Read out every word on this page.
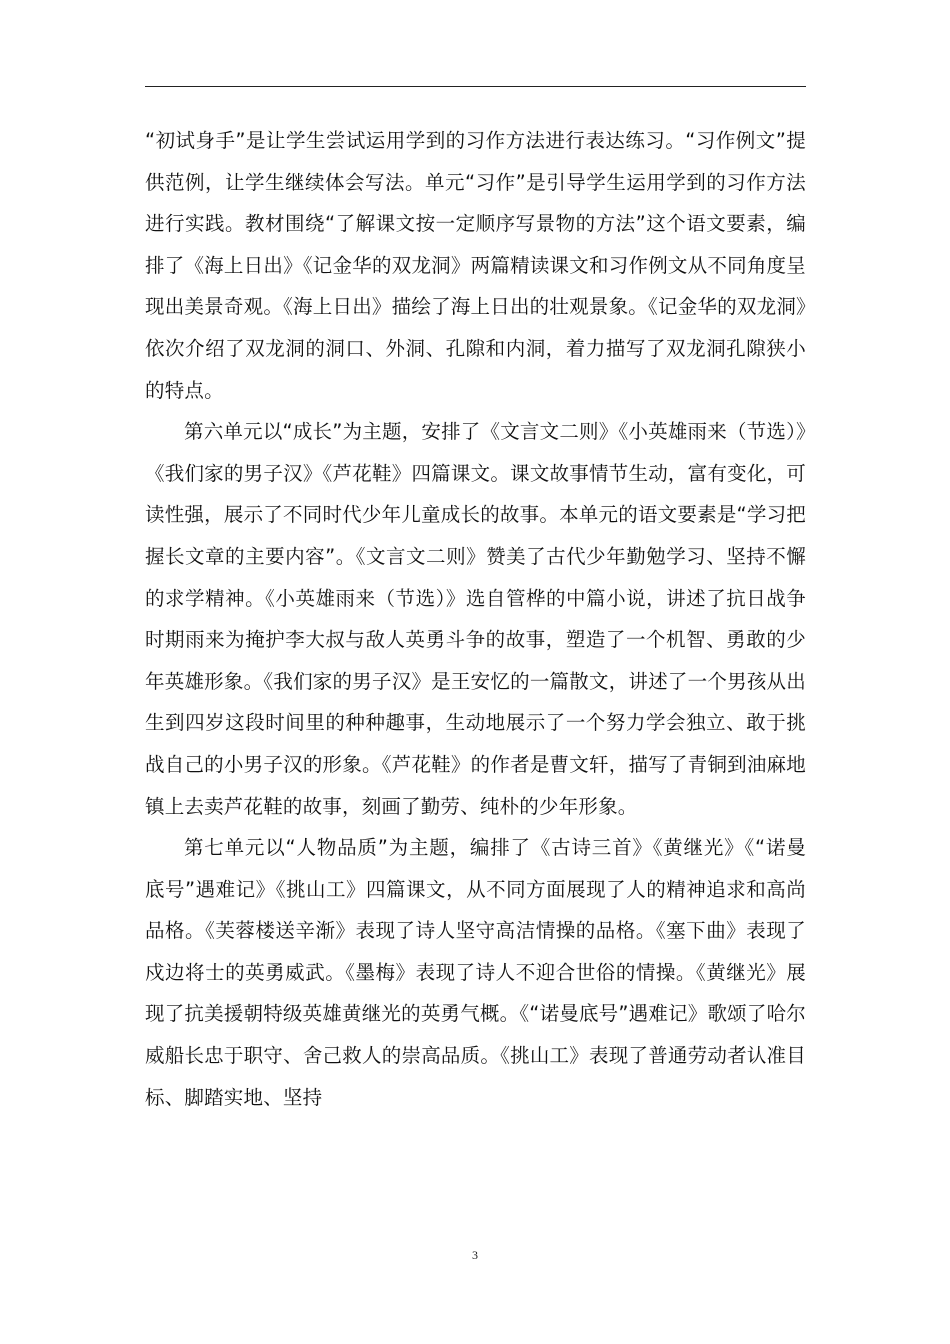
“初试身手”是让学生尝试运用学到的习作方法进行表达练习。“习作例文”提供范例，让学生继续体会写法。单元“习作”是引导学生运用学到的习作方法进行实践。教材围绕“了解课文按一定顺序写景物的方法”这个语文要素，编排了《海上日出》《记金华的双龙洞》两篇精读课文和习作例文从不同角度呈现出美景奇观。《海上日出》描绘了海上日出的壮观景象。《记金华的双龙洞》依次介绍了双龙洞的洞口、外洞、孔隙和内洞，着力描写了双龙洞孔隙狭小的特点。

第六单元以“成长”为主题，安排了《文言文二则》《小英雄雨来（节选）》《我们家的男子汉》《芦花鞋》四篇课文。课文故事情节生动，富有变化，可读性强，展示了不同时代少年儿童成长的故事。本单元的语文要素是“学习把握长文章的主要内容”。《文言文二则》赞美了古代少年勤勉学习、坚持不懈的求学精神。《小英雄雨来（节选）》选自管桦的中篇小说，讲述了抗日战争时期雨来为掩护李大叔与敌人英勇斗争的故事，塑造了一个机智、勇敢的少年英雄形象。《我们家的男子汉》是王安忆的一篇散文，讲述了一个男孩从出生到四岁这段时间里的种种趣事，生动地展示了一个努力学会独立、敢于挑战自己的小男子汉的形象。《芦花鞋》的作者是曹文轩，描写了青铜到油麻地镇上去卖芦花鞋的故事，刻画了勤劳、纯朴的少年形象。

第七单元以“人物品质”为主题，编排了《古诗三首》《黄继光》《“诺曼底号”遇难记》《挑山工》四篇课文，从不同方面展现了人的精神追求和高尚品格。《芙蓉楼送辛渐》表现了诗人坚守高洁情操的品格。《塞下曲》表现了戍边将士的英勇威武。《墨梅》表现了诗人不迎合世俗的情操。《黄继光》展现了抗美援朝特级英雄黄继光的英勇气概。《“诺曼底号”遇难记》歌颂了哈尔威船长忠于职守、舍己救人的崇高品质。《挑山工》表现了普通劳动者认准目标、脚踏实地、坚持

3
